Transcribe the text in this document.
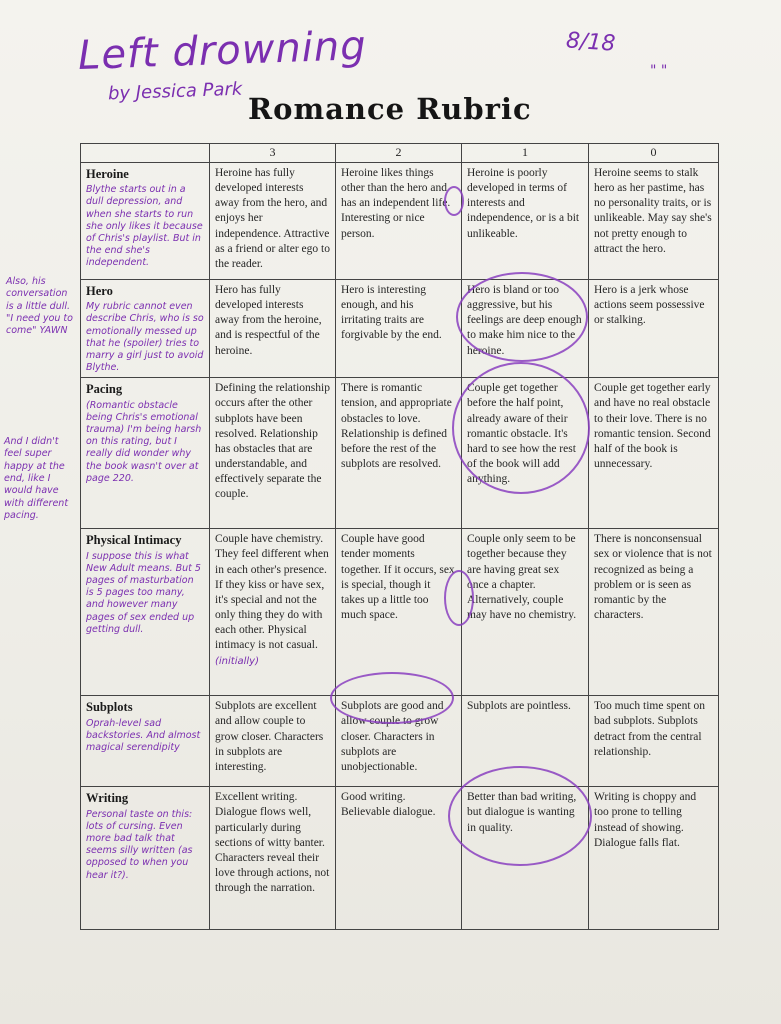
Left drowning
by Jessica Park
8/18
" "
Romance Rubric
Also, his conversation is a little dull. "I need you to come" YAWN
And I didn't feel super happy at the end, like I would have with different pacing.
	3	2	1	0

Heroine
Blythe starts out in a dull depression, and when she starts to run she only likes it because of Chris's playlist. But in the end she's independent.	Heroine has fully developed interests away from the hero, and enjoys her independence. Attractive as a friend or alter ego to the reader.	Heroine likes things other than the hero and has an independent life. Interesting or nice person.	Heroine is poorly developed in terms of interests and independence, or is a bit unlikeable.	Heroine seems to stalk hero as her pastime, has no personality traits, or is unlikeable. May say she's not pretty enough to attract the hero.

Hero
My rubric cannot even describe Chris, who is so emotionally messed up that he (spoiler) tries to marry a girl just to avoid Blythe.	Hero has fully developed interests away from the heroine, and is respectful of the heroine.	Hero is interesting enough, and his irritating traits are forgivable by the end.	Hero is bland or too aggressive, but his feelings are deep enough to make him nice to the heroine.	Hero is a jerk whose actions seem possessive or stalking.

Pacing
(Romantic obstacle being Chris's emotional trauma) I'm being harsh on this rating, but I really did wonder why the book wasn't over at page 220.	Defining the relationship occurs after the other subplots have been resolved. Relationship has obstacles that are understandable, and effectively separate the couple.	There is romantic tension, and appropriate obstacles to love. Relationship is defined before the rest of the subplots are resolved.	Couple get together before the half point, already aware of their romantic obstacle. It's hard to see how the rest of the book will add anything.	Couple get together early and have no real obstacle to their love. There is no romantic tension. Second half of the book is unnecessary.

Physical Intimacy
I suppose this is what New Adult means. But 5 pages of masturbation is 5 pages too many, and however many pages of sex ended up getting dull.	Couple have chemistry. They feel different when in each other's presence. If they kiss or have sex, it's special and not the only thing they do with each other. Physical intimacy is not casual. (initially)	Couple have good tender moments together. If it occurs, sex is special, though it takes up a little too much space.	Couple only seem to be together because they are having great sex once a chapter. Alternatively, couple may have no chemistry.	There is nonconsensual sex or violence that is not recognized as being a problem or is seen as romantic by the characters.

Subplots
Oprah-level sad backstories. And almost magical serendipity	Subplots are excellent and allow couple to grow closer. Characters in subplots are interesting.	Subplots are good and allow couple to grow closer. Characters in subplots are unobjectionable.	Subplots are pointless.	Too much time spent on bad subplots. Subplots detract from the central relationship.

Writing
Personal taste on this: lots of cursing. Even more bad talk that seems silly written (as opposed to when you hear it?).	Excellent writing. Dialogue flows well, particularly during sections of witty banter. Characters reveal their love through actions, not through the narration.	Good writing. Believable dialogue.	Better than bad writing, but dialogue is wanting in quality.	Writing is choppy and too prone to telling instead of showing. Dialogue falls flat.
